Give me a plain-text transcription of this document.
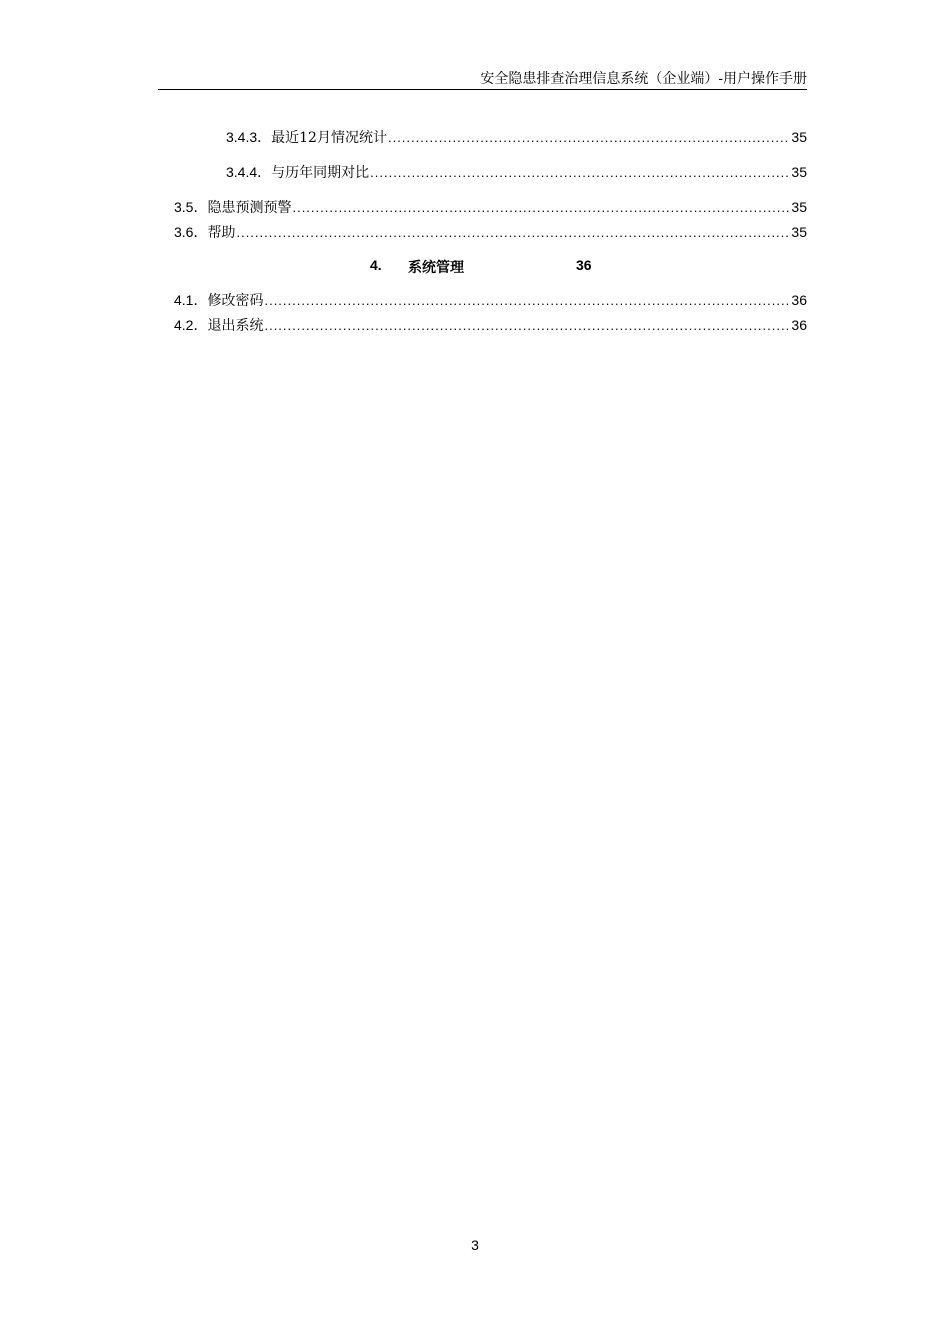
安全隐患排查治理信息系统（企业端）-用户操作手册
3.4.3． 最近12月情况统计 .....	35
3.4.4． 与历年同期对比 .....	35
3.5． 隐患预测预警 .....	35
3.6． 帮助 .....	35
4. 系统管理	36
4.1． 修改密码 .....	36
4.2． 退出系统 .....	36
3
